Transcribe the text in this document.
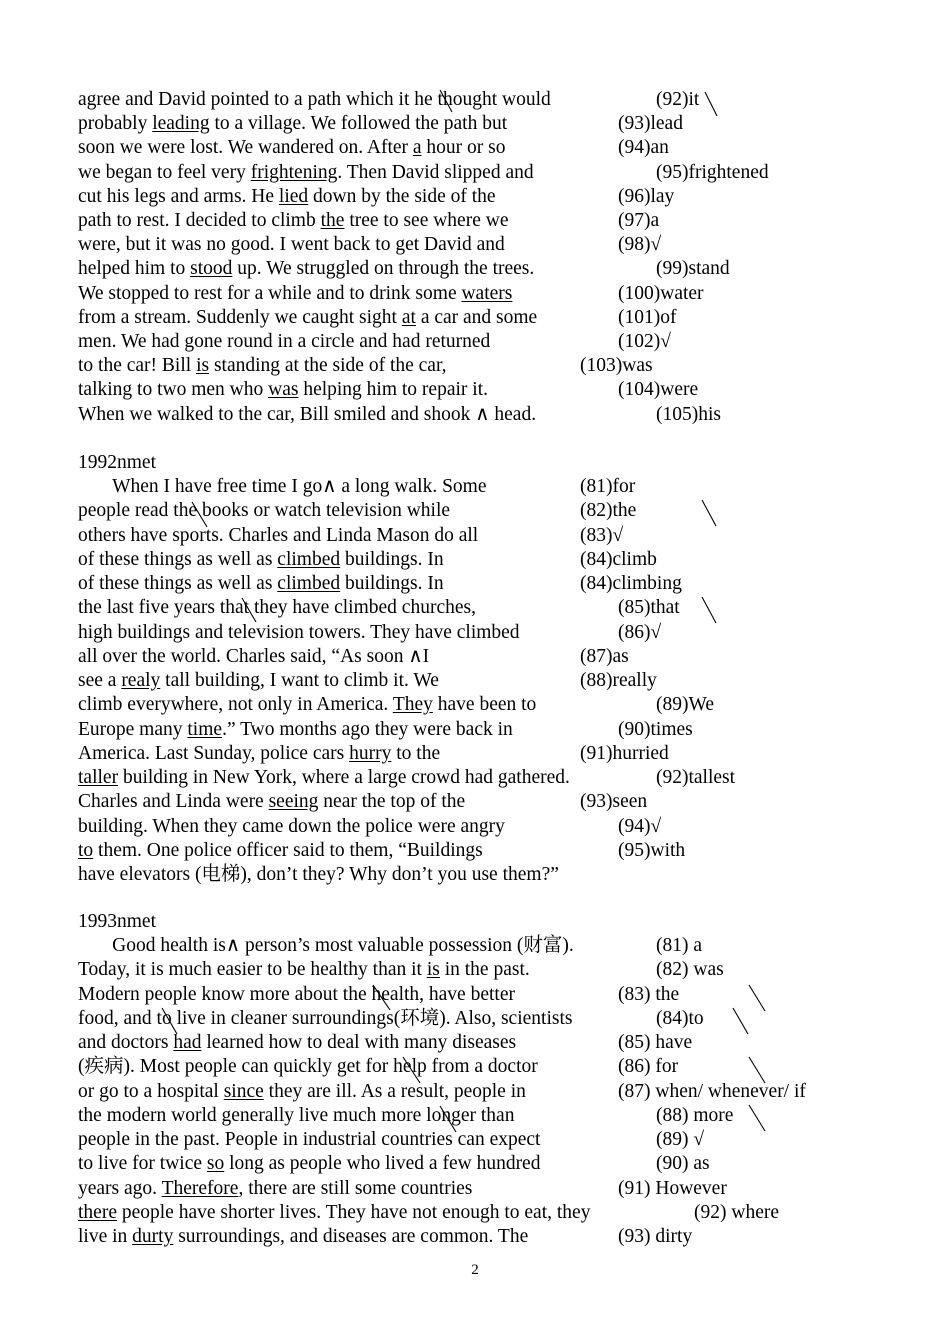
agree and David pointed to a path which it he thought would	(92)it
probably leading to a village. We followed the path but	(93)lead
soon we were lost. We wandered on. After a hour or so	(94)an
we began to feel very frightening. Then David slipped and	(95)frightened
cut his legs and arms. He lied down by the side of the	(96)lay
path to rest. I decided to climb the tree to see where we	(97)a
were, but it was no good. I went back to get David and	(98)√
helped him to stood up. We struggled on through the trees.	(99)stand
We stopped to rest for a while and to drink some waters	(100)water
from a stream. Suddenly we caught sight at a car and some	(101)of
men. We had gone round in a circle and had returned	(102)√
to the car! Bill is standing at the side of the car,	(103)was
talking to two men who was helping him to repair it.	(104)were
When we walked to the car, Bill smiled and shook ∧ head.	(105)his
1992nmet
When I have free time I go∧ a long walk. Some	(81)for
people read the books or watch television while	(82)the
others have sports. Charles and Linda Mason do all	(83)√
of these things as well as climbed buildings. In	(84)climb
of these things as well as climbed buildings. In	(84)climbing
the last five years that they have climbed churches,	(85)that
high buildings and television towers. They have climbed	(86)√
all over the world. Charles said, “As soon ∧I	(87)as
see a realy tall building, I want to climb it. We	(88)really
climb everywhere, not only in America. They have been to	(89)We
Europe many time.” Two months ago they were back in	(90)times
America. Last Sunday, police cars hurry to the	(91)hurried
taller building in New York, where a large crowd had gathered.	(92)tallest
Charles and Linda were seeing near the top of the	(93)seen
building. When they came down the police were angry	(94)√
to them. One police officer said to them, “Buildings	(95)with
have elevators (电梯), don’t they? Why don’t you use them?”
1993nmet
Good health is∧ person’s most valuable possession (财富).	(81) a
Today, it is much easier to be healthy than it is in the past.	(82) was
Modern people know more about the health, have better	(83) the
food, and to live in cleaner surroundings(环境). Also, scientists	(84)to
and doctors had learned how to deal with many diseases	(85) have
(疾病). Most people can quickly get for help from a doctor	(86) for
or go to a hospital since they are ill. As a result, people in	(87) when/ whenever/ if
the modern world generally live much more longer than	(88) more
people in the past. People in industrial countries can expect	(89) √
to live for twice so long as people who lived a few hundred	(90) as
years ago. Therefore, there are still some countries	(91) However
there people have shorter lives. They have not enough to eat, they	(92) where
live in durty surroundings, and diseases are common. The	(93) dirty
2
